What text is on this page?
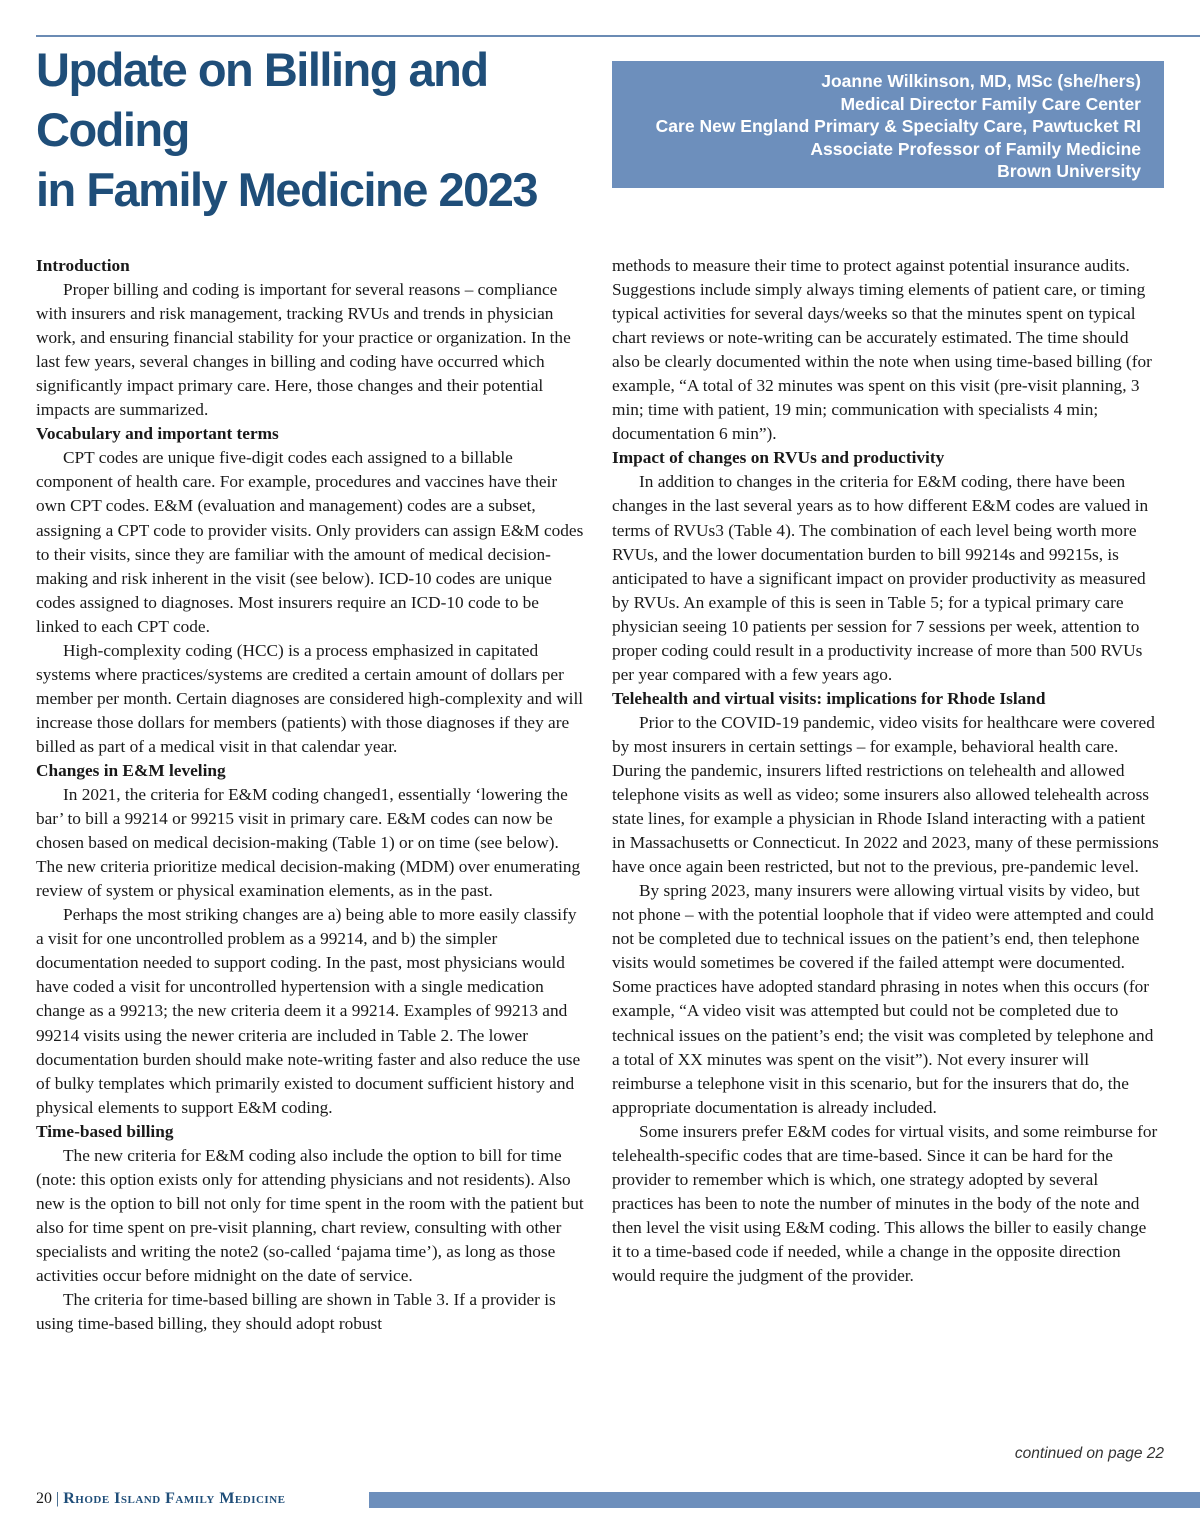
Update on Billing and Coding
in Family Medicine 2023
Joanne Wilkinson, MD, MSc (she/hers)
Medical Director Family Care Center
Care New England Primary & Specialty Care, Pawtucket RI
Associate Professor of Family Medicine
Brown University
Introduction

Proper billing and coding is important for several reasons – compliance with insurers and risk management, tracking RVUs and trends in physician work, and ensuring financial stability for your practice or organization. In the last few years, several changes in billing and coding have occurred which significantly impact primary care. Here, those changes and their potential impacts are summarized.

Vocabulary and important terms

CPT codes are unique five-digit codes each assigned to a billable component of health care. For example, procedures and vaccines have their own CPT codes. E&M (evaluation and management) codes are a subset, assigning a CPT code to provider visits. Only providers can assign E&M codes to their visits, since they are familiar with the amount of medical decision-making and risk inherent in the visit (see below). ICD-10 codes are unique codes assigned to diagnoses. Most insurers require an ICD-10 code to be linked to each CPT code.

High-complexity coding (HCC) is a process emphasized in capitated systems where practices/systems are credited a certain amount of dollars per member per month. Certain diagnoses are considered high-complexity and will increase those dollars for members (patients) with those diagnoses if they are billed as part of a medical visit in that calendar year.

Changes in E&M leveling

In 2021, the criteria for E&M coding changed1, essentially ‘lowering the bar’ to bill a 99214 or 99215 visit in primary care. E&M codes can now be chosen based on medical decision-making (Table 1) or on time (see below). The new criteria prioritize medical decision-making (MDM) over enumerating review of system or physical examination elements, as in the past.

Perhaps the most striking changes are a) being able to more easily classify a visit for one uncontrolled problem as a 99214, and b) the simpler documentation needed to support coding. In the past, most physicians would have coded a visit for uncontrolled hypertension with a single medication change as a 99213; the new criteria deem it a 99214. Examples of 99213 and 99214 visits using the newer criteria are included in Table 2. The lower documentation burden should make note-writing faster and also reduce the use of bulky templates which primarily existed to document sufficient history and physical elements to support E&M coding.

Time-based billing

The new criteria for E&M coding also include the option to bill for time (note: this option exists only for attending physicians and not residents). Also new is the option to bill not only for time spent in the room with the patient but also for time spent on pre-visit planning, chart review, consulting with other specialists and writing the note2 (so-called ‘pajama time’), as long as those activities occur before midnight on the date of service.

The criteria for time-based billing are shown in Table 3. If a provider is using time-based billing, they should adopt robust

methods to measure their time to protect against potential insurance audits. Suggestions include simply always timing elements of patient care, or timing typical activities for several days/weeks so that the minutes spent on typical chart reviews or note-writing can be accurately estimated. The time should also be clearly documented within the note when using time-based billing (for example, “A total of 32 minutes was spent on this visit (pre-visit planning, 3 min; time with patient, 19 min; communication with specialists 4 min; documentation 6 min”).

Impact of changes on RVUs and productivity

In addition to changes in the criteria for E&M coding, there have been changes in the last several years as to how different E&M codes are valued in terms of RVUs3 (Table 4). The combination of each level being worth more RVUs, and the lower documentation burden to bill 99214s and 99215s, is anticipated to have a significant impact on provider productivity as measured by RVUs. An example of this is seen in Table 5; for a typical primary care physician seeing 10 patients per session for 7 sessions per week, attention to proper coding could result in a productivity increase of more than 500 RVUs per year compared with a few years ago.

Telehealth and virtual visits: implications for Rhode Island

Prior to the COVID-19 pandemic, video visits for healthcare were covered by most insurers in certain settings – for example, behavioral health care. During the pandemic, insurers lifted restrictions on telehealth and allowed telephone visits as well as video; some insurers also allowed telehealth across state lines, for example a physician in Rhode Island interacting with a patient in Massachusetts or Connecticut. In 2022 and 2023, many of these permissions have once again been restricted, but not to the previous, pre-pandemic level.

By spring 2023, many insurers were allowing virtual visits by video, but not phone – with the potential loophole that if video were attempted and could not be completed due to technical issues on the patient’s end, then telephone visits would sometimes be covered if the failed attempt were documented. Some practices have adopted standard phrasing in notes when this occurs (for example, “A video visit was attempted but could not be completed due to technical issues on the patient’s end; the visit was completed by telephone and a total of XX minutes was spent on the visit”). Not every insurer will reimburse a telephone visit in this scenario, but for the insurers that do, the appropriate documentation is already included.

Some insurers prefer E&M codes for virtual visits, and some reimburse for telehealth-specific codes that are time-based. Since it can be hard for the provider to remember which is which, one strategy adopted by several practices has been to note the number of minutes in the body of the note and then level the visit using E&M coding. This allows the biller to easily change it to a time-based code if needed, while a change in the opposite direction would require the judgment of the provider.

continued on page 22
20 | Rhode Island Family Medicine
